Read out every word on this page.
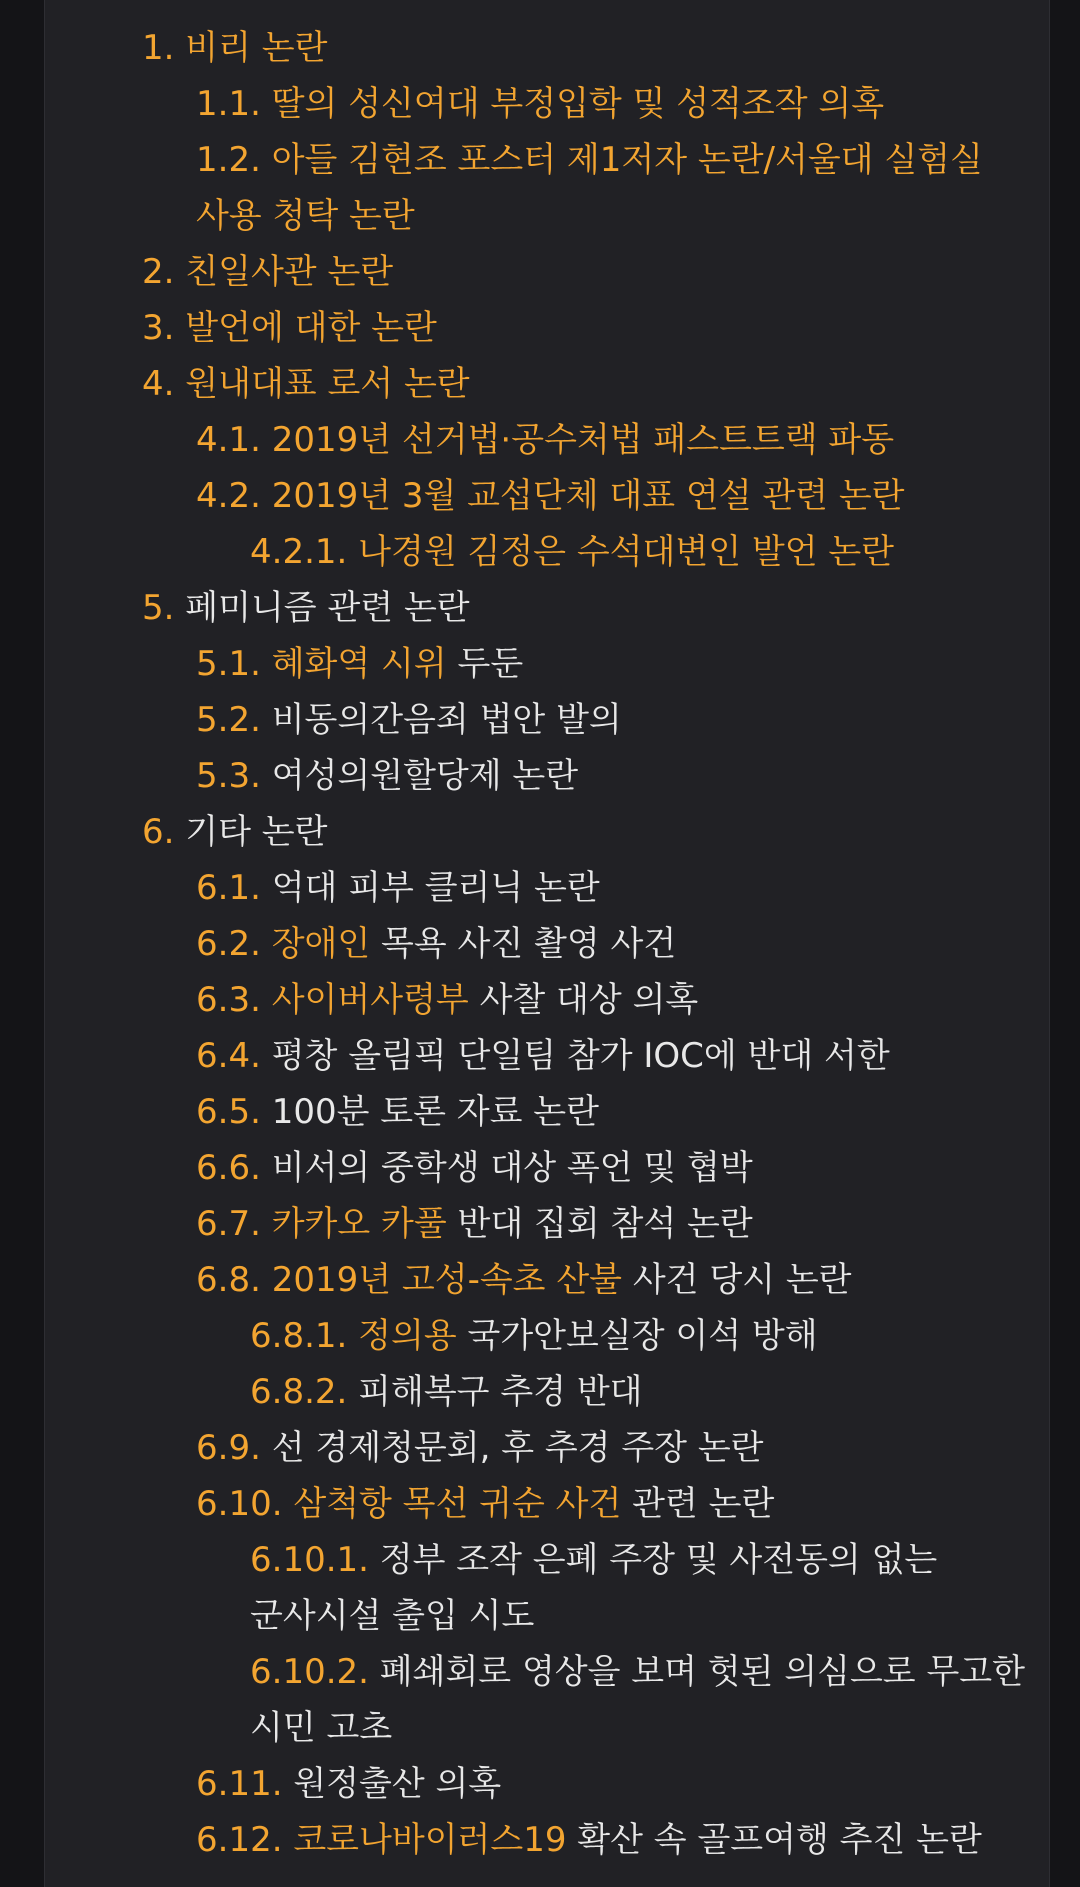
1. 비리 논란
1.1. 딸의 성신여대 부정입학 및 성적조작 의혹
1.2. 아들 김현조 포스터 제1저자 논란/서울대 실험실 사용 청탁 논란
2. 친일사관 논란
3. 발언에 대한 논란
4. 원내대표 로서 논란
4.1. 2019년 선거법·공수처법 패스트트랙 파동
4.2. 2019년 3월 교섭단체 대표 연설 관련 논란
4.2.1. 나경원 김정은 수석대변인 발언 논란
5. 페미니즘 관련 논란
5.1. 혜화역 시위 두둔
5.2. 비동의간음죄 법안 발의
5.3. 여성의원할당제 논란
6. 기타 논란
6.1. 억대 피부 클리닉 논란
6.2. 장애인 목욕 사진 촬영 사건
6.3. 사이버사령부 사찰 대상 의혹
6.4. 평창 올림픽 단일팀 참가 IOC에 반대 서한
6.5. 100분 토론 자료 논란
6.6. 비서의 중학생 대상 폭언 및 협박
6.7. 카카오 카풀 반대 집회 참석 논란
6.8. 2019년 고성-속초 산불 사건 당시 논란
6.8.1. 정의용 국가안보실장 이석 방해
6.8.2. 피해복구 추경 반대
6.9. 선 경제청문회, 후 추경 주장 논란
6.10. 삼척항 목선 귀순 사건 관련 논란
6.10.1. 정부 조작 은폐 주장 및 사전동의 없는 군사시설 출입 시도
6.10.2. 폐쇄회로 영상을 보며 헛된 의심으로 무고한 시민 고초
6.11. 원정출산 의혹
6.12. 코로나바이러스19 확산 속 골프여행 추진 논란
